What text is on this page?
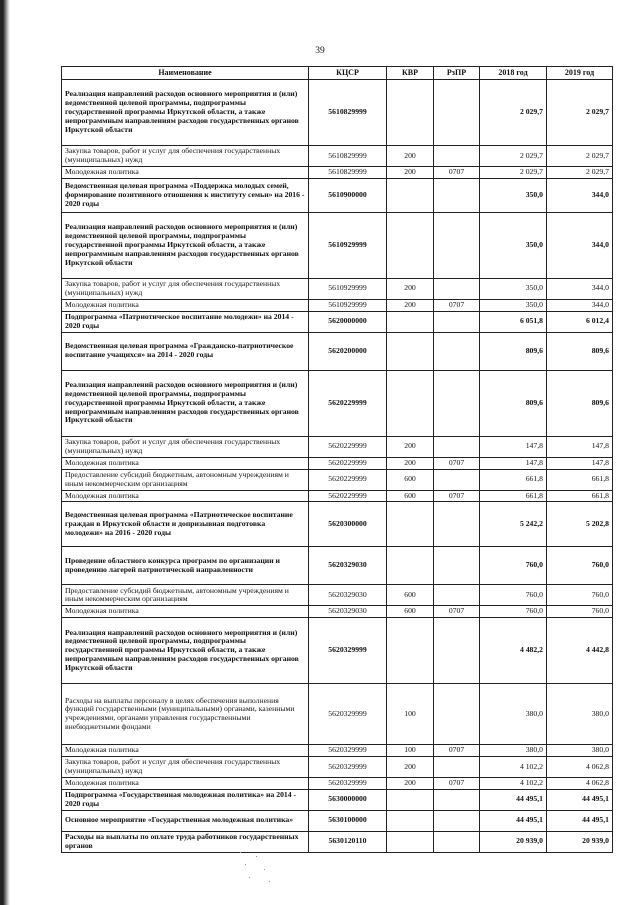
39
Наименование	КЦСР	КВР	РзПР	2018 год	2019 год
Реализация направлений расходов основного мероприятия и (или) ведомственной целевой программы, подпрограммы государственной программы Иркутской области, а также непрограммным направлениям расходов государственных органов Иркутской области	5610829999			2 029,7	2 029,7
Закупка товаров, работ и услуг для обеспечения государственных (муниципальных) нужд	5610829999	200		2 029,7	2 029,7
Молодежная политика	5610829999	200	0707	2 029,7	2 029,7
Ведомственная целевая программа «Поддержка молодых семей, формирование позитивного отношения к институту семьи» на 2016 - 2020 годы	5610900000			350,0	344,0
Реализация направлений расходов основного мероприятия и (или) ведомственной целевой программы, подпрограммы государственной программы Иркутской области, а также непрограммным направлениям расходов государственных органов Иркутской области	5610929999			350,0	344,0
Закупка товаров, работ и услуг для обеспечения государственных (муниципальных) нужд	5610929999	200		350,0	344,0
Молодежная политика	5610929999	200	0707	350,0	344,0
Подпрограмма «Патриотическое воспитание молодежи» на 2014 - 2020 годы	5620000000			6 051,8	6 012,4
Ведомственная целевая программа «Гражданско-патриотическое воспитание учащихся» на 2014 - 2020 годы	5620200000			809,6	809,6
Реализация направлений расходов основного мероприятия и (или) ведомственной целевой программы, подпрограммы государственной программы Иркутской области, а также непрограммным направлениям расходов государственных органов Иркутской области	5620229999			809,6	809,6
Закупка товаров, работ и услуг для обеспечения государственных (муниципальных) нужд	5620229999	200		147,8	147,8
Молодежная политика	5620229999	200	0707	147,8	147,8
Предоставление субсидий бюджетным, автономным учреждениям и иным некоммерческим организациям	5620229999	600		661,8	661,8
Молодежная политика	5620229999	600	0707	661,8	661,8
Ведомственная целевая программа «Патриотическое воспитание граждан в Иркутской области и допризывная подготовка молодежи» на 2016 - 2020 годы	5620300000			5 242,2	5 202,8
Проведение областного конкурса программ по организации и проведению лагерей патриотической направленности	5620329030			760,0	760,0
Предоставление субсидий бюджетным, автономным учреждениям и иным некоммерческим организациям	5620329030	600		760,0	760,0
Молодежная политика	5620329030	600	0707	760,0	760,0
Реализация направлений расходов основного мероприятия и (или) ведомственной целевой программы, подпрограммы государственной программы Иркутской области, а также непрограммным направлениям расходов государственных органов Иркутской области	5620329999			4 482,2	4 442,8
Расходы на выплаты персоналу в целях обеспечения выполнения функций государственными (муниципальными) органами, казенными учреждениями, органами управления государственными внебюджетными фондами	5620329999	100		380,0	380,0
Молодежная политика	5620329999	100	0707	380,0	380,0
Закупка товаров, работ и услуг для обеспечения государственных (муниципальных) нужд	5620329999	200		4 102,2	4 062,8
Молодежная политика	5620329999	200	0707	4 102,2	4 062,8
Подпрограмма «Государственная молодежная политика» на 2014 - 2020 годы	5630000000			44 495,1	44 495,1
Основное мероприятие «Государственная молодежная политика»	5630100000			44 495,1	44 495,1
Расходы на выплаты по оплате труда работников государственных органов	5630120110			20 939,0	20 939,0
